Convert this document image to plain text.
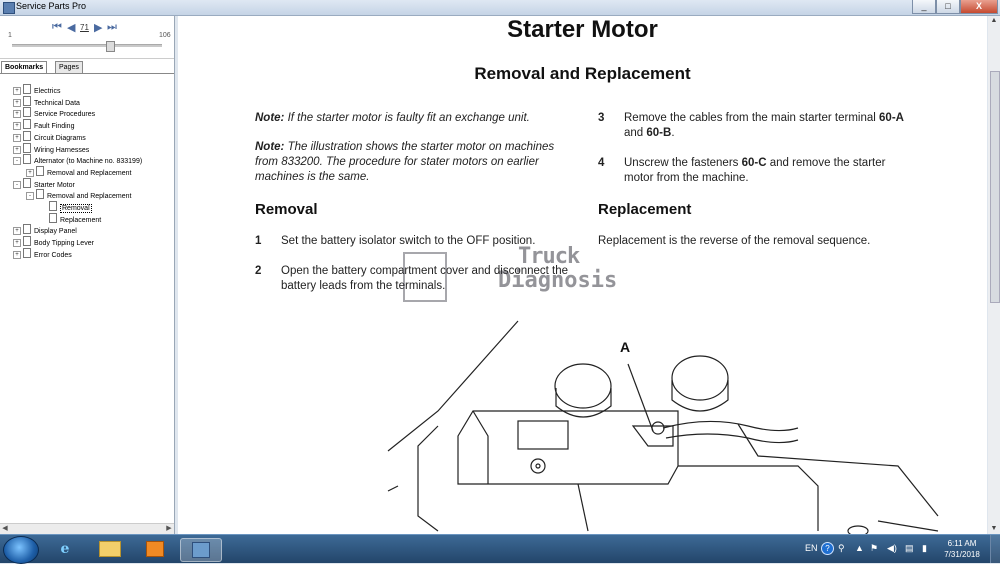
Service Parts Pro	_	□	X
⏮ ◀ 71 ▶ ⏭
1	106
Bookmarks	Pages
+ Electrics
+ Technical Data
+ Service Procedures
+ Fault Finding
+ Circuit Diagrams
+ Wiring Harnesses
- Alternator (to Machine no. 833199)
+ Removal and Replacement
- Starter Motor
- Removal and Replacement
Removal
Replacement
+ Display Panel
+ Body Tipping Lever
+ Error Codes
◀	▶
Starter Motor
Removal and Replacement
Note: If the starter motor is faulty fit an exchange unit.
Note: The illustration shows the starter motor on machines from 833200. The procedure for stater motors on earlier machines is the same.
Removal
1 Set the battery isolator switch to the OFF position.
2 Open the battery compartment cover and disconnect the battery leads from the terminals.
3 Remove the cables from the main starter terminal 60-A and 60-B.
4 Unscrew the fasteners 60-C and remove the starter motor from the machine.
Replacement
Replacement is the reverse of the removal sequence.
Truck
Diagnosis
A
▲
▼
e	EN ? ⚲ ▲ ⚑ ◀) ▤ ▮	6:11 AM
7/31/2018
